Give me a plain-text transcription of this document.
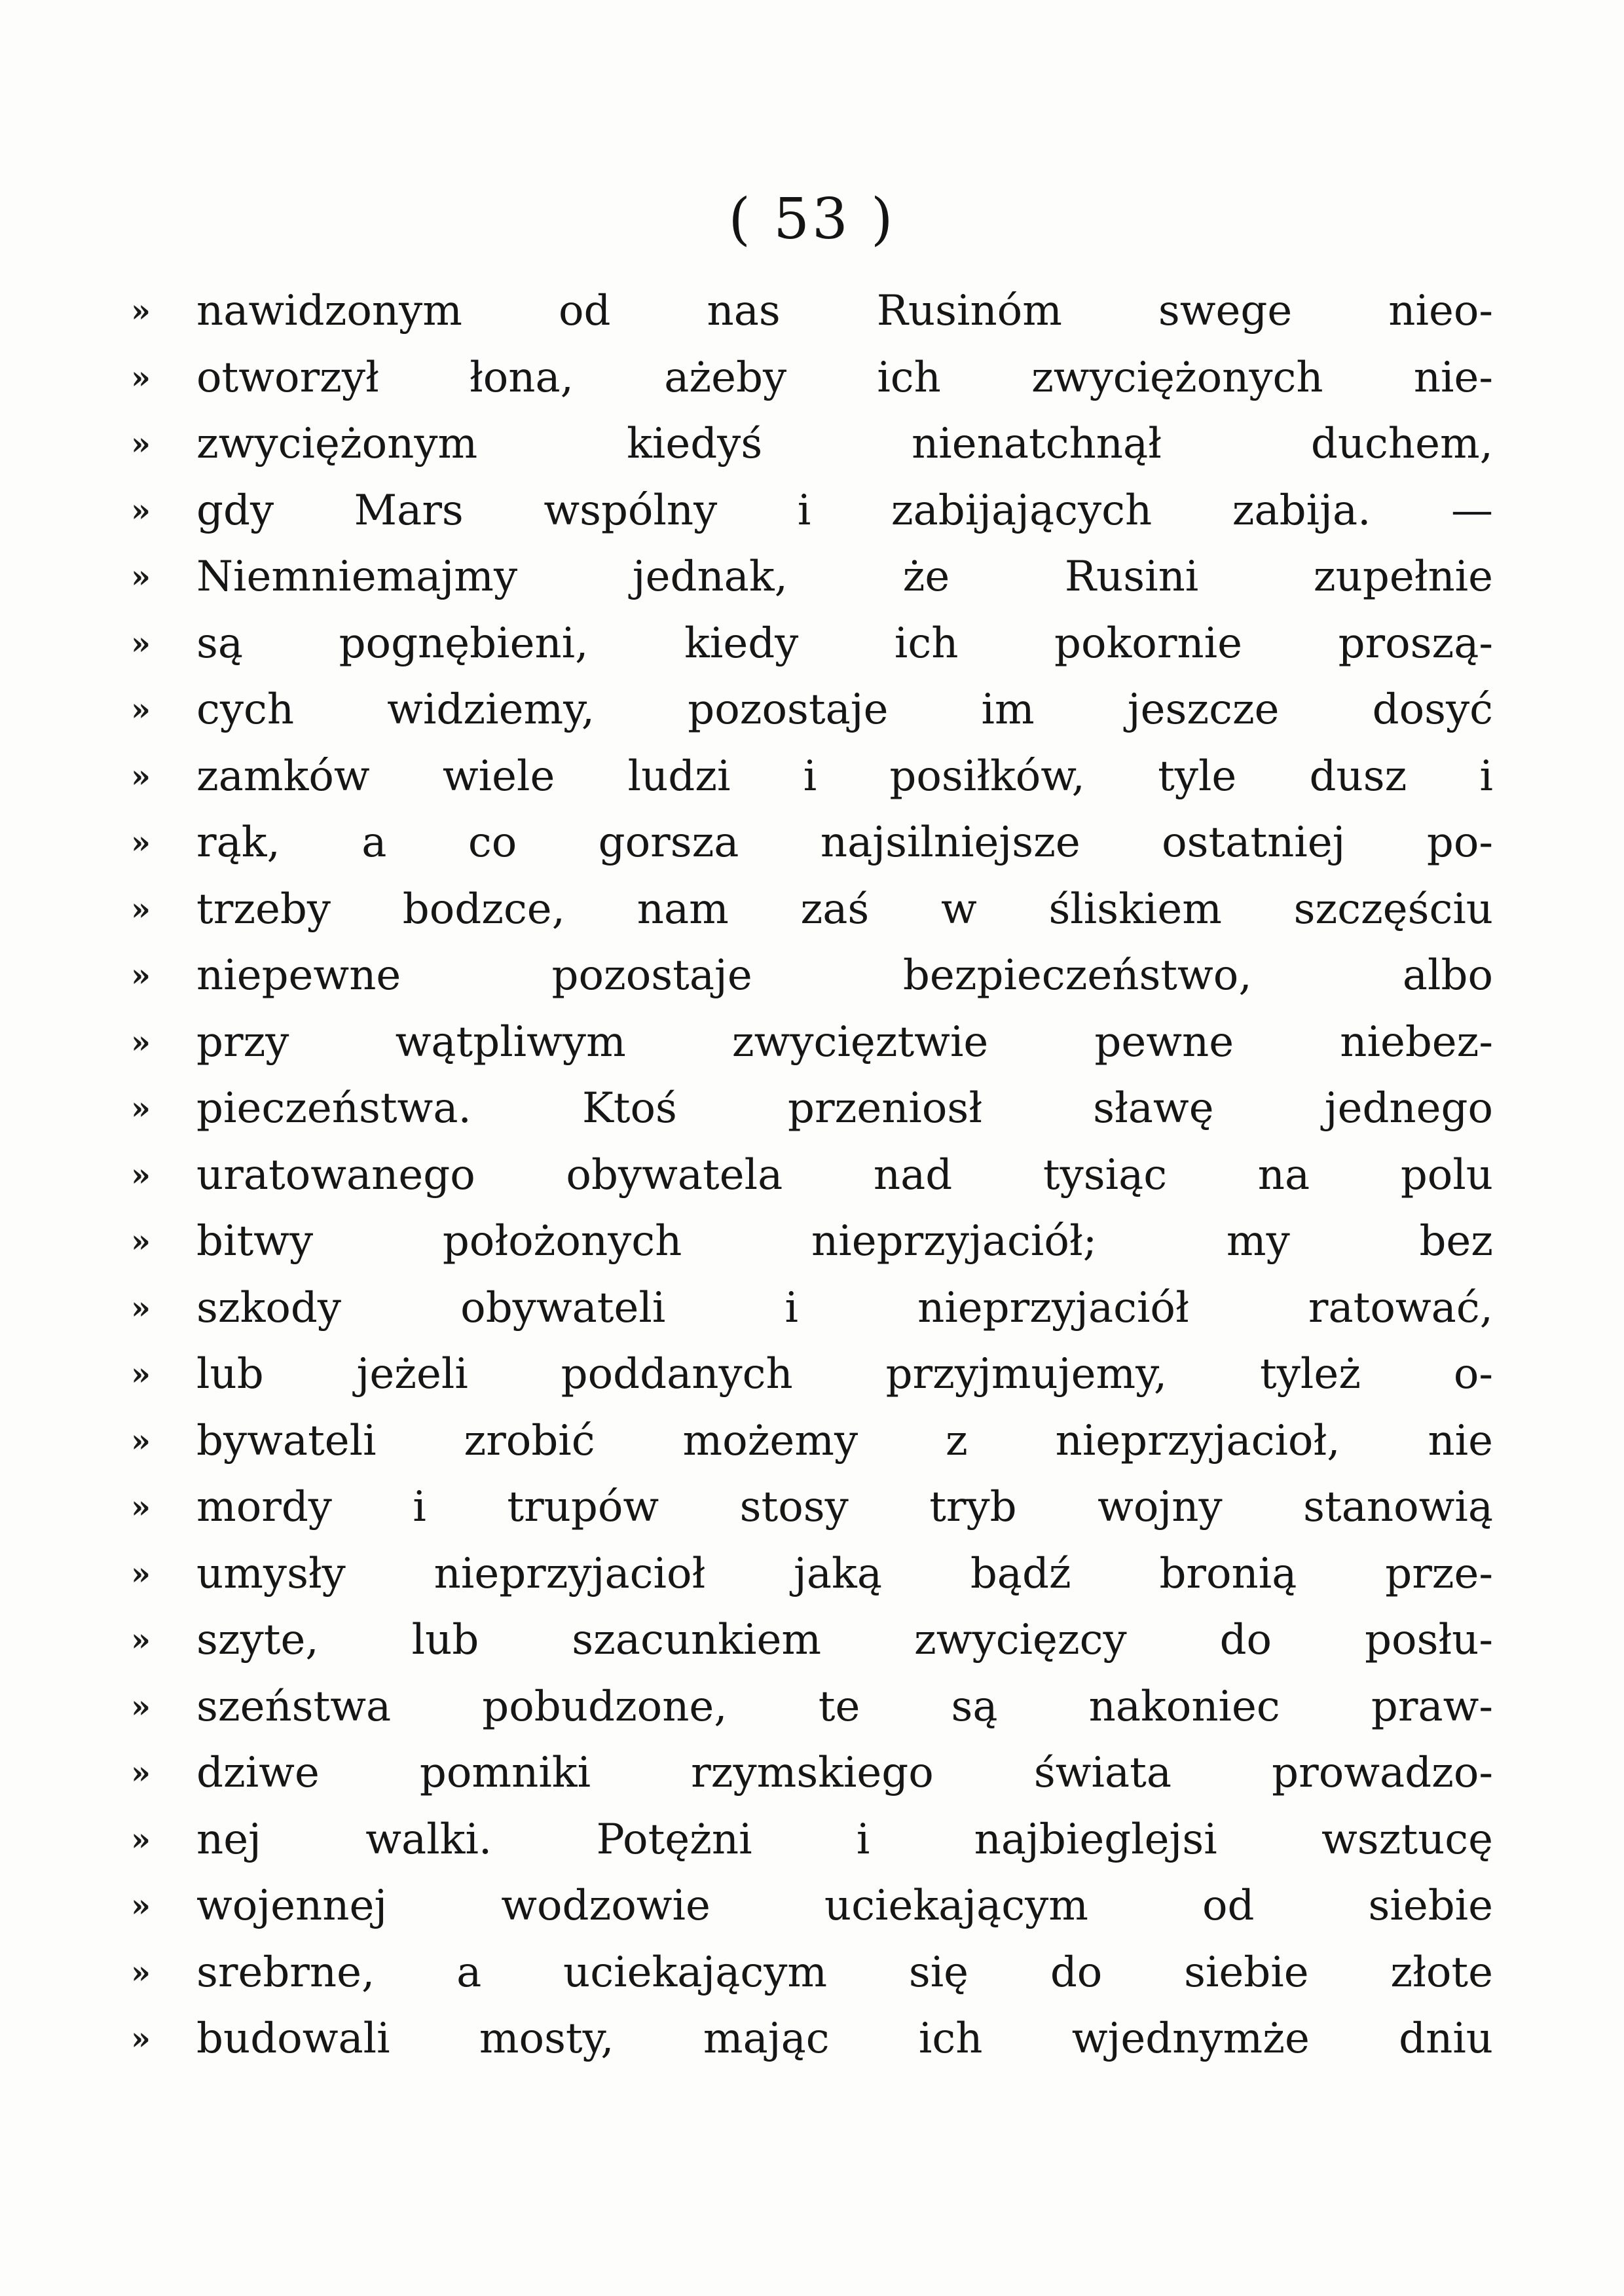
( 53 )
»	nawidzonym od nas Rusinóm swege nieo-
»	otworzył łona, ażeby ich zwyciężonych nie-
»	zwyciężonym kiedyś nienatchnął duchem,
»	gdy Mars wspólny i zabijających zabija. —
»	Niemniemajmy jednak, że Rusini zupełnie
»	są pognębieni, kiedy ich pokornie proszą-
»	cych widziemy, pozostaje im jeszcze dosyć
»	zamków wiele ludzi i posiłków, tyle dusz i
»	rąk, a co gorsza najsilniejsze ostatniej po-
»	trzeby bodzce, nam zaś w śliskiem szczęściu
»	niepewne pozostaje bezpieczeństwo, albo
»	przy wątpliwym zwycięztwie pewne niebez-
»	pieczeństwa. Ktoś przeniosł sławę jednego
»	uratowanego obywatela nad tysiąc na polu
»	bitwy położonych nieprzyjaciół; my bez
»	szkody obywateli i nieprzyjaciół ratować,
»	lub jeżeli poddanych przyjmujemy, tyleż o-
»	bywateli zrobić możemy z nieprzyjacioł, nie
»	mordy i trupów stosy tryb wojny stanowią
»	umysły nieprzyjacioł jaką bądź bronią prze-
»	szyte, lub szacunkiem zwycięzcy do posłu-
»	szeństwa pobudzone, te są nakoniec praw-
»	dziwe pomniki rzymskiego świata prowadzo-
»	nej walki. Potężni i najbieglejsi wsztucę
»	wojennej wodzowie uciekającym od siebie
»	srebrne, a uciekającym się do siebie złote
»	budowali mosty, mając ich wjednymże dniu
